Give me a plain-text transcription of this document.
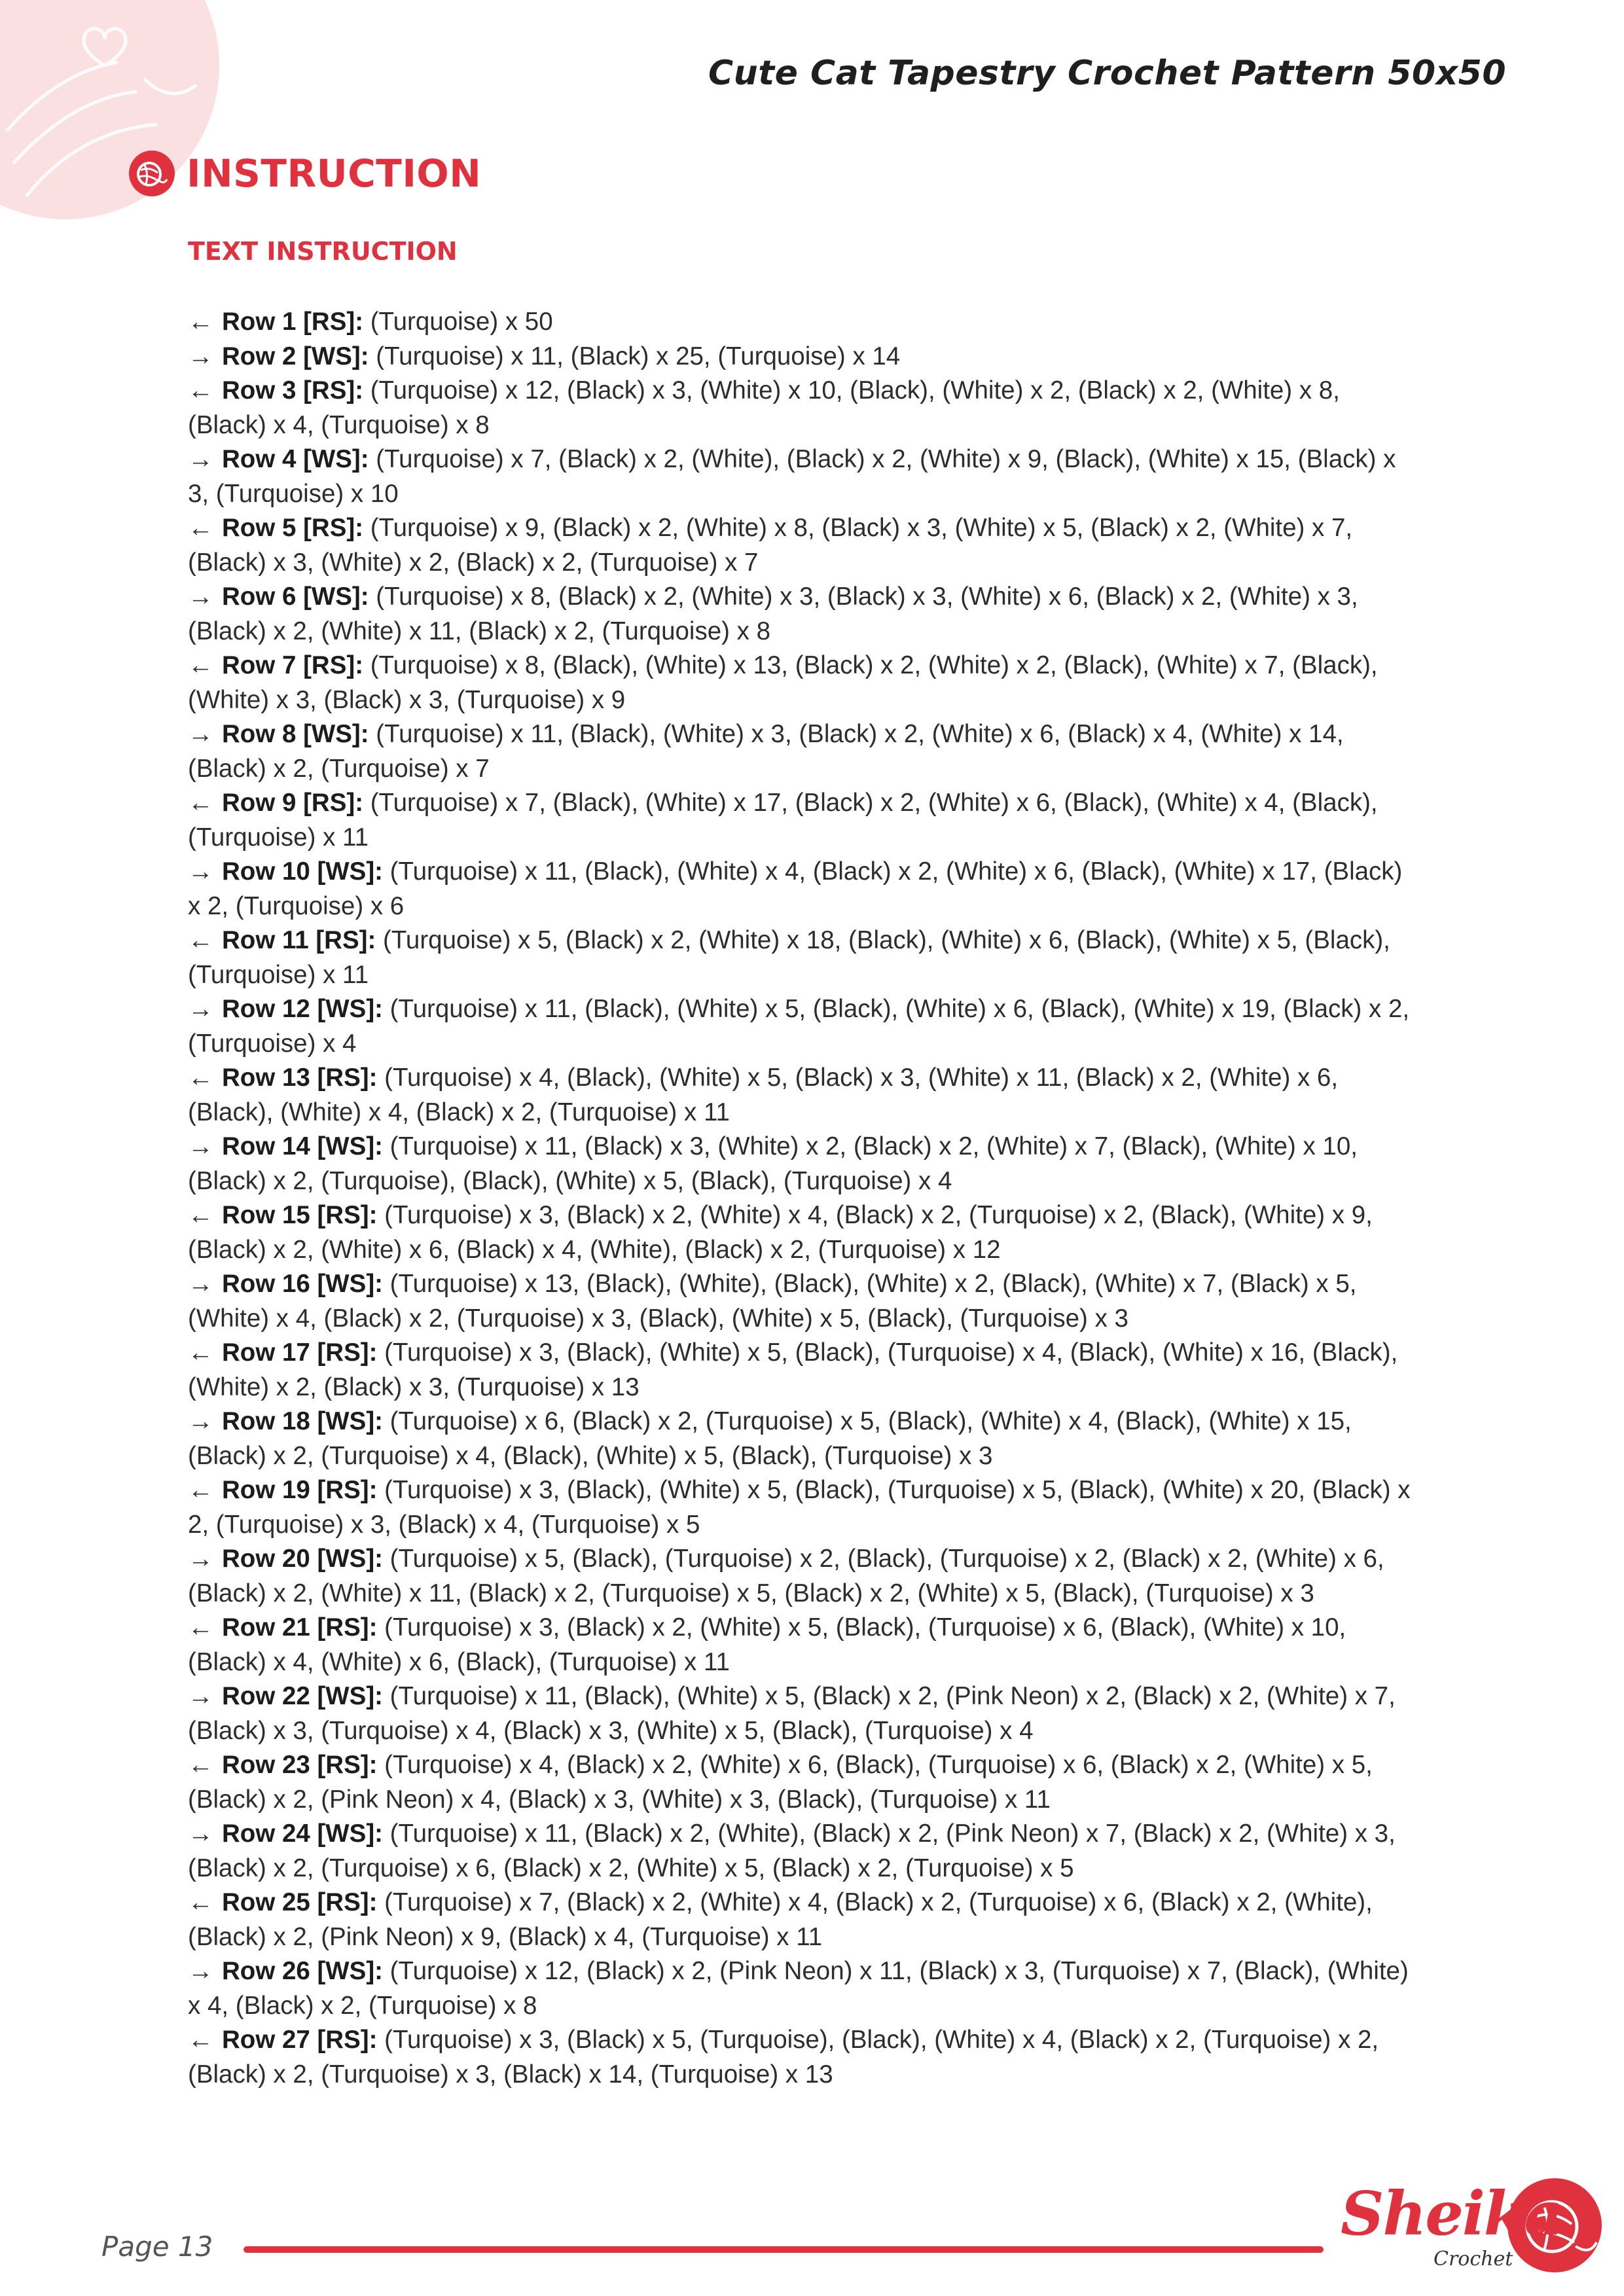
Cute Cat Tapestry Crochet Pattern 50x50
INSTRUCTION
TEXT INSTRUCTION

← Row 1 [RS]: (Turquoise) x 50

→ Row 2 [WS]: (Turquoise) x 11, (Black) x 25, (Turquoise) x 14

← Row 3 [RS]: (Turquoise) x 12, (Black) x 3, (White) x 10, (Black), (White) x 2, (Black) x 2, (White) x 8, (Black) x 4, (Turquoise) x 8

→ Row 4 [WS]: (Turquoise) x 7, (Black) x 2, (White), (Black) x 2, (White) x 9, (Black), (White) x 15, (Black) x 3, (Turquoise) x 10

← Row 5 [RS]: (Turquoise) x 9, (Black) x 2, (White) x 8, (Black) x 3, (White) x 5, (Black) x 2, (White) x 7, (Black) x 3, (White) x 2, (Black) x 2, (Turquoise) x 7

→ Row 6 [WS]: (Turquoise) x 8, (Black) x 2, (White) x 3, (Black) x 3, (White) x 6, (Black) x 2, (White) x 3, (Black) x 2, (White) x 11, (Black) x 2, (Turquoise) x 8

← Row 7 [RS]: (Turquoise) x 8, (Black), (White) x 13, (Black) x 2, (White) x 2, (Black), (White) x 7, (Black), (White) x 3, (Black) x 3, (Turquoise) x 9

→ Row 8 [WS]: (Turquoise) x 11, (Black), (White) x 3, (Black) x 2, (White) x 6, (Black) x 4, (White) x 14, (Black) x 2, (Turquoise) x 7

← Row 9 [RS]: (Turquoise) x 7, (Black), (White) x 17, (Black) x 2, (White) x 6, (Black), (White) x 4, (Black), (Turquoise) x 11

→ Row 10 [WS]: (Turquoise) x 11, (Black), (White) x 4, (Black) x 2, (White) x 6, (Black), (White) x 17, (Black) x 2, (Turquoise) x 6

← Row 11 [RS]: (Turquoise) x 5, (Black) x 2, (White) x 18, (Black), (White) x 6, (Black), (White) x 5, (Black), (Turquoise) x 11

→ Row 12 [WS]: (Turquoise) x 11, (Black), (White) x 5, (Black), (White) x 6, (Black), (White) x 19, (Black) x 2, (Turquoise) x 4

← Row 13 [RS]: (Turquoise) x 4, (Black), (White) x 5, (Black) x 3, (White) x 11, (Black) x 2, (White) x 6, (Black), (White) x 4, (Black) x 2, (Turquoise) x 11

→ Row 14 [WS]: (Turquoise) x 11, (Black) x 3, (White) x 2, (Black) x 2, (White) x 7, (Black), (White) x 10, (Black) x 2, (Turquoise), (Black), (White) x 5, (Black), (Turquoise) x 4

← Row 15 [RS]: (Turquoise) x 3, (Black) x 2, (White) x 4, (Black) x 2, (Turquoise) x 2, (Black), (White) x 9, (Black) x 2, (White) x 6, (Black) x 4, (White), (Black) x 2, (Turquoise) x 12

→ Row 16 [WS]: (Turquoise) x 13, (Black), (White), (Black), (White) x 2, (Black), (White) x 7, (Black) x 5, (White) x 4, (Black) x 2, (Turquoise) x 3, (Black), (White) x 5, (Black), (Turquoise) x 3

← Row 17 [RS]: (Turquoise) x 3, (Black), (White) x 5, (Black), (Turquoise) x 4, (Black), (White) x 16, (Black), (White) x 2, (Black) x 3, (Turquoise) x 13

→ Row 18 [WS]: (Turquoise) x 6, (Black) x 2, (Turquoise) x 5, (Black), (White) x 4, (Black), (White) x 15, (Black) x 2, (Turquoise) x 4, (Black), (White) x 5, (Black), (Turquoise) x 3

← Row 19 [RS]: (Turquoise) x 3, (Black), (White) x 5, (Black), (Turquoise) x 5, (Black), (White) x 20, (Black) x 2, (Turquoise) x 3, (Black) x 4, (Turquoise) x 5

→ Row 20 [WS]: (Turquoise) x 5, (Black), (Turquoise) x 2, (Black), (Turquoise) x 2, (Black) x 2, (White) x 6, (Black) x 2, (White) x 11, (Black) x 2, (Turquoise) x 5, (Black) x 2, (White) x 5, (Black), (Turquoise) x 3

← Row 21 [RS]: (Turquoise) x 3, (Black) x 2, (White) x 5, (Black), (Turquoise) x 6, (Black), (White) x 10, (Black) x 4, (White) x 6, (Black), (Turquoise) x 11

→ Row 22 [WS]: (Turquoise) x 11, (Black), (White) x 5, (Black) x 2, (Pink Neon) x 2, (Black) x 2, (White) x 7, (Black) x 3, (Turquoise) x 4, (Black) x 3, (White) x 5, (Black), (Turquoise) x 4

← Row 23 [RS]: (Turquoise) x 4, (Black) x 2, (White) x 6, (Black), (Turquoise) x 6, (Black) x 2, (White) x 5, (Black) x 2, (Pink Neon) x 4, (Black) x 3, (White) x 3, (Black), (Turquoise) x 11

→ Row 24 [WS]: (Turquoise) x 11, (Black) x 2, (White), (Black) x 2, (Pink Neon) x 7, (Black) x 2, (White) x 3, (Black) x 2, (Turquoise) x 6, (Black) x 2, (White) x 5, (Black) x 2, (Turquoise) x 5

← Row 25 [RS]: (Turquoise) x 7, (Black) x 2, (White) x 4, (Black) x 2, (Turquoise) x 6, (Black) x 2, (White), (Black) x 2, (Pink Neon) x 9, (Black) x 4, (Turquoise) x 11

→ Row 26 [WS]: (Turquoise) x 12, (Black) x 2, (Pink Neon) x 11, (Black) x 3, (Turquoise) x 7, (Black), (White) x 4, (Black) x 2, (Turquoise) x 8

← Row 27 [RS]: (Turquoise) x 3, (Black) x 5, (Turquoise), (Black), (White) x 4, (Black) x 2, (Turquoise) x 2, (Black) x 2, (Turquoise) x 3, (Black) x 14, (Turquoise) x 13

Page 13	Sheika

Crochet
